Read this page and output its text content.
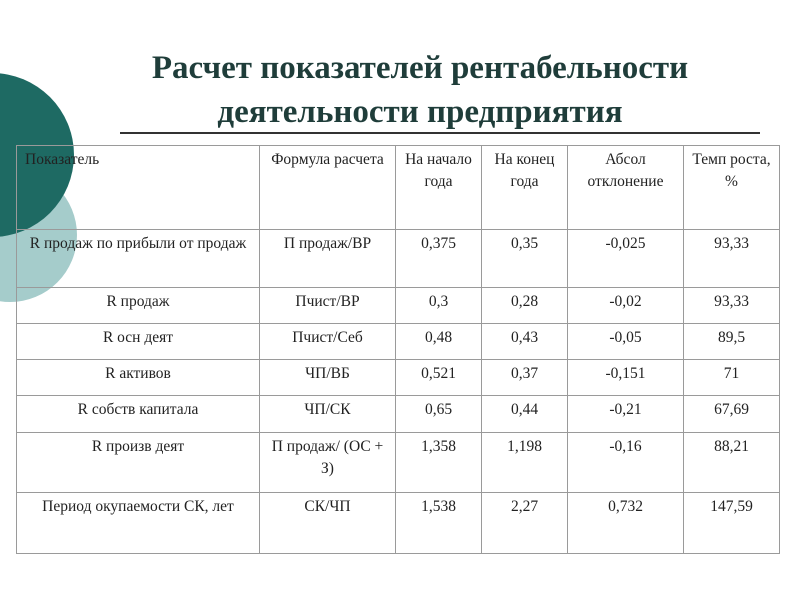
Расчет показателей рентабельности
деятельности предприятия
Показатель	Формула расчета	На начало года	На конец года	Абсол отклонение	Темп роста, %
R продаж по прибыли от продаж	П продаж/ВР	0,375	0,35	-0,025	93,33
R продаж	Пчист/ВР	0,3	0,28	-0,02	93,33
R осн деят	Пчист/Себ	0,48	0,43	-0,05	89,5
R активов	ЧП/ВБ	0,521	0,37	-0,151	71
R собств капитала	ЧП/СК	0,65	0,44	-0,21	67,69
R произв деят	П продаж/ (ОС + З)	1,358	1,198	-0,16	88,21
Период окупаемости СК, лет	СК/ЧП	1,538	2,27	0,732	147,59
